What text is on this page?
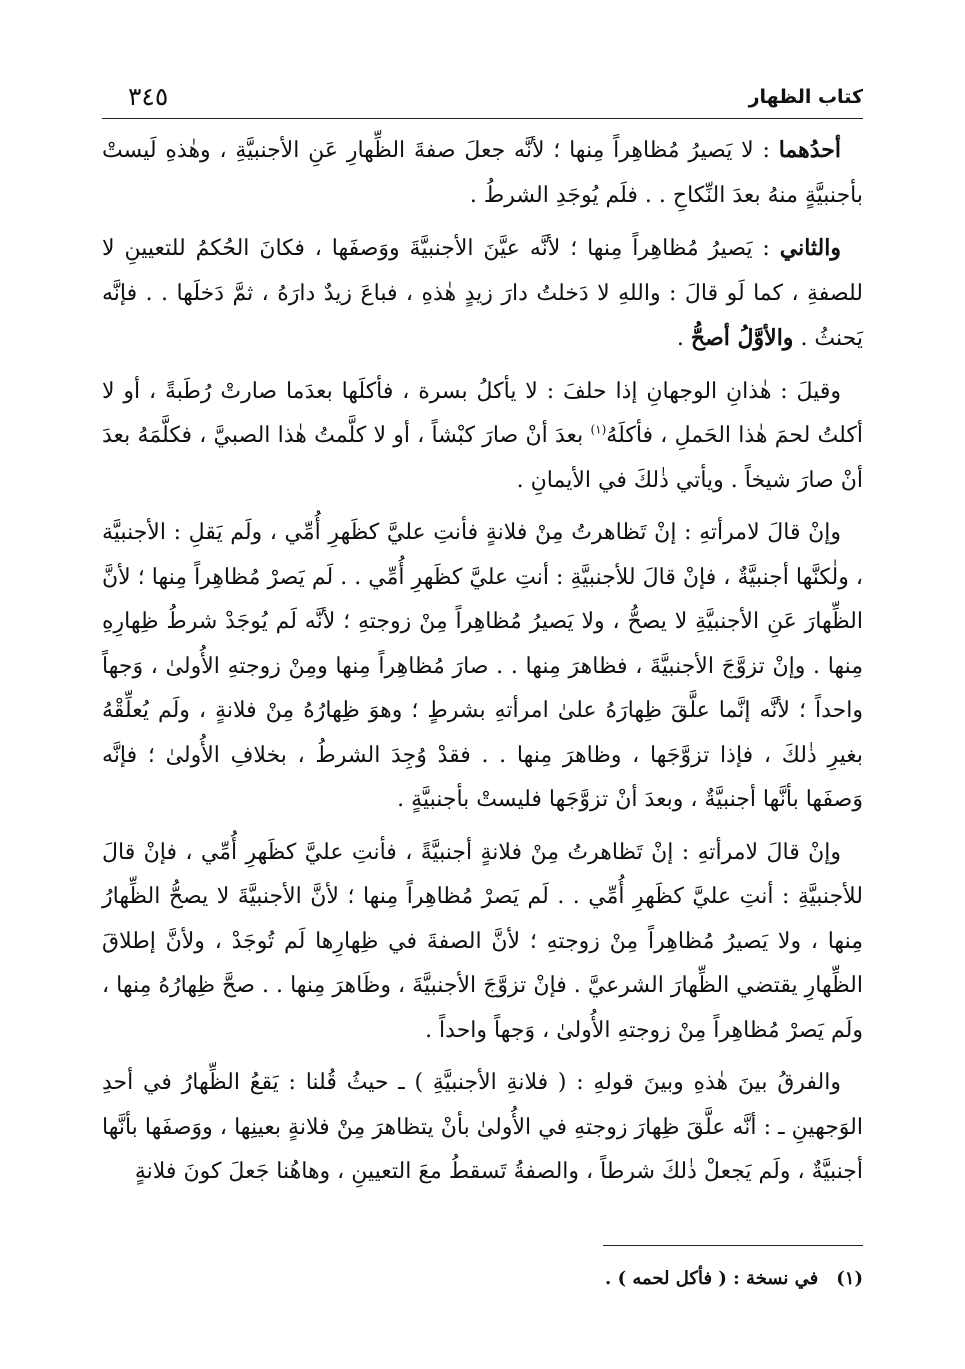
كتاب الظهار
٣٤٥

أحدُهما : لا يَصيرُ مُظاهِراً مِنها ؛ لأنَّه جعلَ صفةَ الظِّهارِ عَنِ الأجنبيَّةِ ، وهٰذهِ لَيستْ بأجنبيَّةٍ منهُ بعدَ النِّكاحِ . . فلَم يُوجَدِ الشرطُ .

والثاني : يَصيرُ مُظاهِراً مِنها ؛ لأنَّه عيَّنَ الأجنبيَّةَ ووَصفَها ، فكانَ الحُكمُ للتعيينِ لا للصفةِ ، كما لَو قالَ : واللهِ لا دَخلتُ دارَ زيدٍ هٰذهِ ، فباعَ زيدٌ دارَهُ ، ثمَّ دَخلَها . . فإنَّه يَحنثُ . والأوَّلُ أصحُّ .

وقيلَ : هٰذانِ الوجهانِ إذا حلفَ : لا يأكلُ بسرة ، فأكلَها بعدَما صارتْ رُطَبةً ، أو لا أكلتُ لحمَ هٰذا الحَملِ ، فأكلَهُ$^{(١)}$ بعدَ أنْ صارَ كبْشاً ، أو لا كلَّمتُ هٰذا الصبيَّ ، فكلَّمَهُ بعدَ أنْ صارَ شيخاً . ويأتي ذٰلكَ في الأيمانِ .

وإنْ قالَ لامرأتهِ : إنْ تَظاهرتُ مِنْ فلانةٍ فأنتِ عليَّ كظَهرِ أُمِّي ، ولَم يَقلِ : الأجنبيَّة ، ولٰكنَّها أجنبيَّةٌ ، فإنْ قالَ للأجنبيَّةِ : أنتِ عليَّ كظَهرِ أُمِّي . . لَم يَصرْ مُظاهِراً مِنها ؛ لأنَّ الظِّهارَ عَنِ الأجنبيَّةِ لا يصحُّ ، ولا يَصيرُ مُظاهِراً مِنْ زوجتهِ ؛ لأنَّه لَم يُوجَدْ شرطُ ظِهارِهِ مِنها . وإنْ تزوَّجَ الأجنبيَّةَ ، فظاهرَ مِنها . . صارَ مُظاهِراً مِنها ومِنْ زوجتهِ الأُولىٰ ، وَجهاً واحداً ؛ لأنَّه إنَّما علَّقَ ظِهارَهُ علىٰ امرأتهِ بشرطٍ ؛ وهوَ ظِهارُهُ مِنْ فلانةٍ ، ولَم يُعلِّقْهُ بغيرِ ذٰلكَ ، فإذا تزوَّجَها ، وظاهرَ مِنها . . فقدْ وُجِدَ الشرطُ ، بخلافِ الأُولىٰ ؛ فإنَّه وَصفَها بأنَّها أجنبيَّةٌ ، وبعدَ أنْ تزوَّجَها فليستْ بأجنبيَّةٍ .

وإنْ قالَ لامرأتهِ : إنْ تَظاهرتُ مِنْ فلانةٍ أجنبيَّةً ، فأنتِ عليَّ كظَهرِ أُمِّي ، فإنْ قالَ للأجنبيَّةِ : أنتِ عليَّ كظَهرِ أُمِّي . . لَم يَصرْ مُظاهِراً مِنها ؛ لأنَّ الأجنبيَّةَ لا يصحُّ الظِّهارُ مِنها ، ولا يَصيرُ مُظاهِراً مِنْ زوجتهِ ؛ لأنَّ الصفةَ في ظِهارِها لَم تُوجَدْ ، ولأنَّ إطلاقَ الظِّهارِ يقتضي الظِّهارَ الشرعيَّ . فإنْ تزوَّجَ الأجنبيَّةَ ، وظَاهرَ مِنها . . صحَّ ظِهارُهُ مِنها ، ولَم يَصرْ مُظاهِراً مِنْ زوجتهِ الأُولىٰ ، وَجهاً واحداً .

والفرقُ بينَ هٰذهِ وبينَ قولهِ : ( فلانةِ الأجنبيَّةِ ) ـ حيثُ قُلنا : يَقعُ الظِّهارُ في أحدِ الوَجهينِ ـ : أنَّه علَّقَ ظِهارَ زوجتهِ في الأُولىٰ بأنْ يتظاهرَ مِنْ فلانةٍ بعينِها ، ووَصفَها بأنَّها أجنبيَّةٌ ، ولَم يَجعلْ ذٰلكَ شرطاً ، والصفةُ تَسقطُ معَ التعيينِ ، وهاهُنا جَعلَ كونَ فلانةٍ

(١)في نسخة : ( فأكل لحمه ) .
